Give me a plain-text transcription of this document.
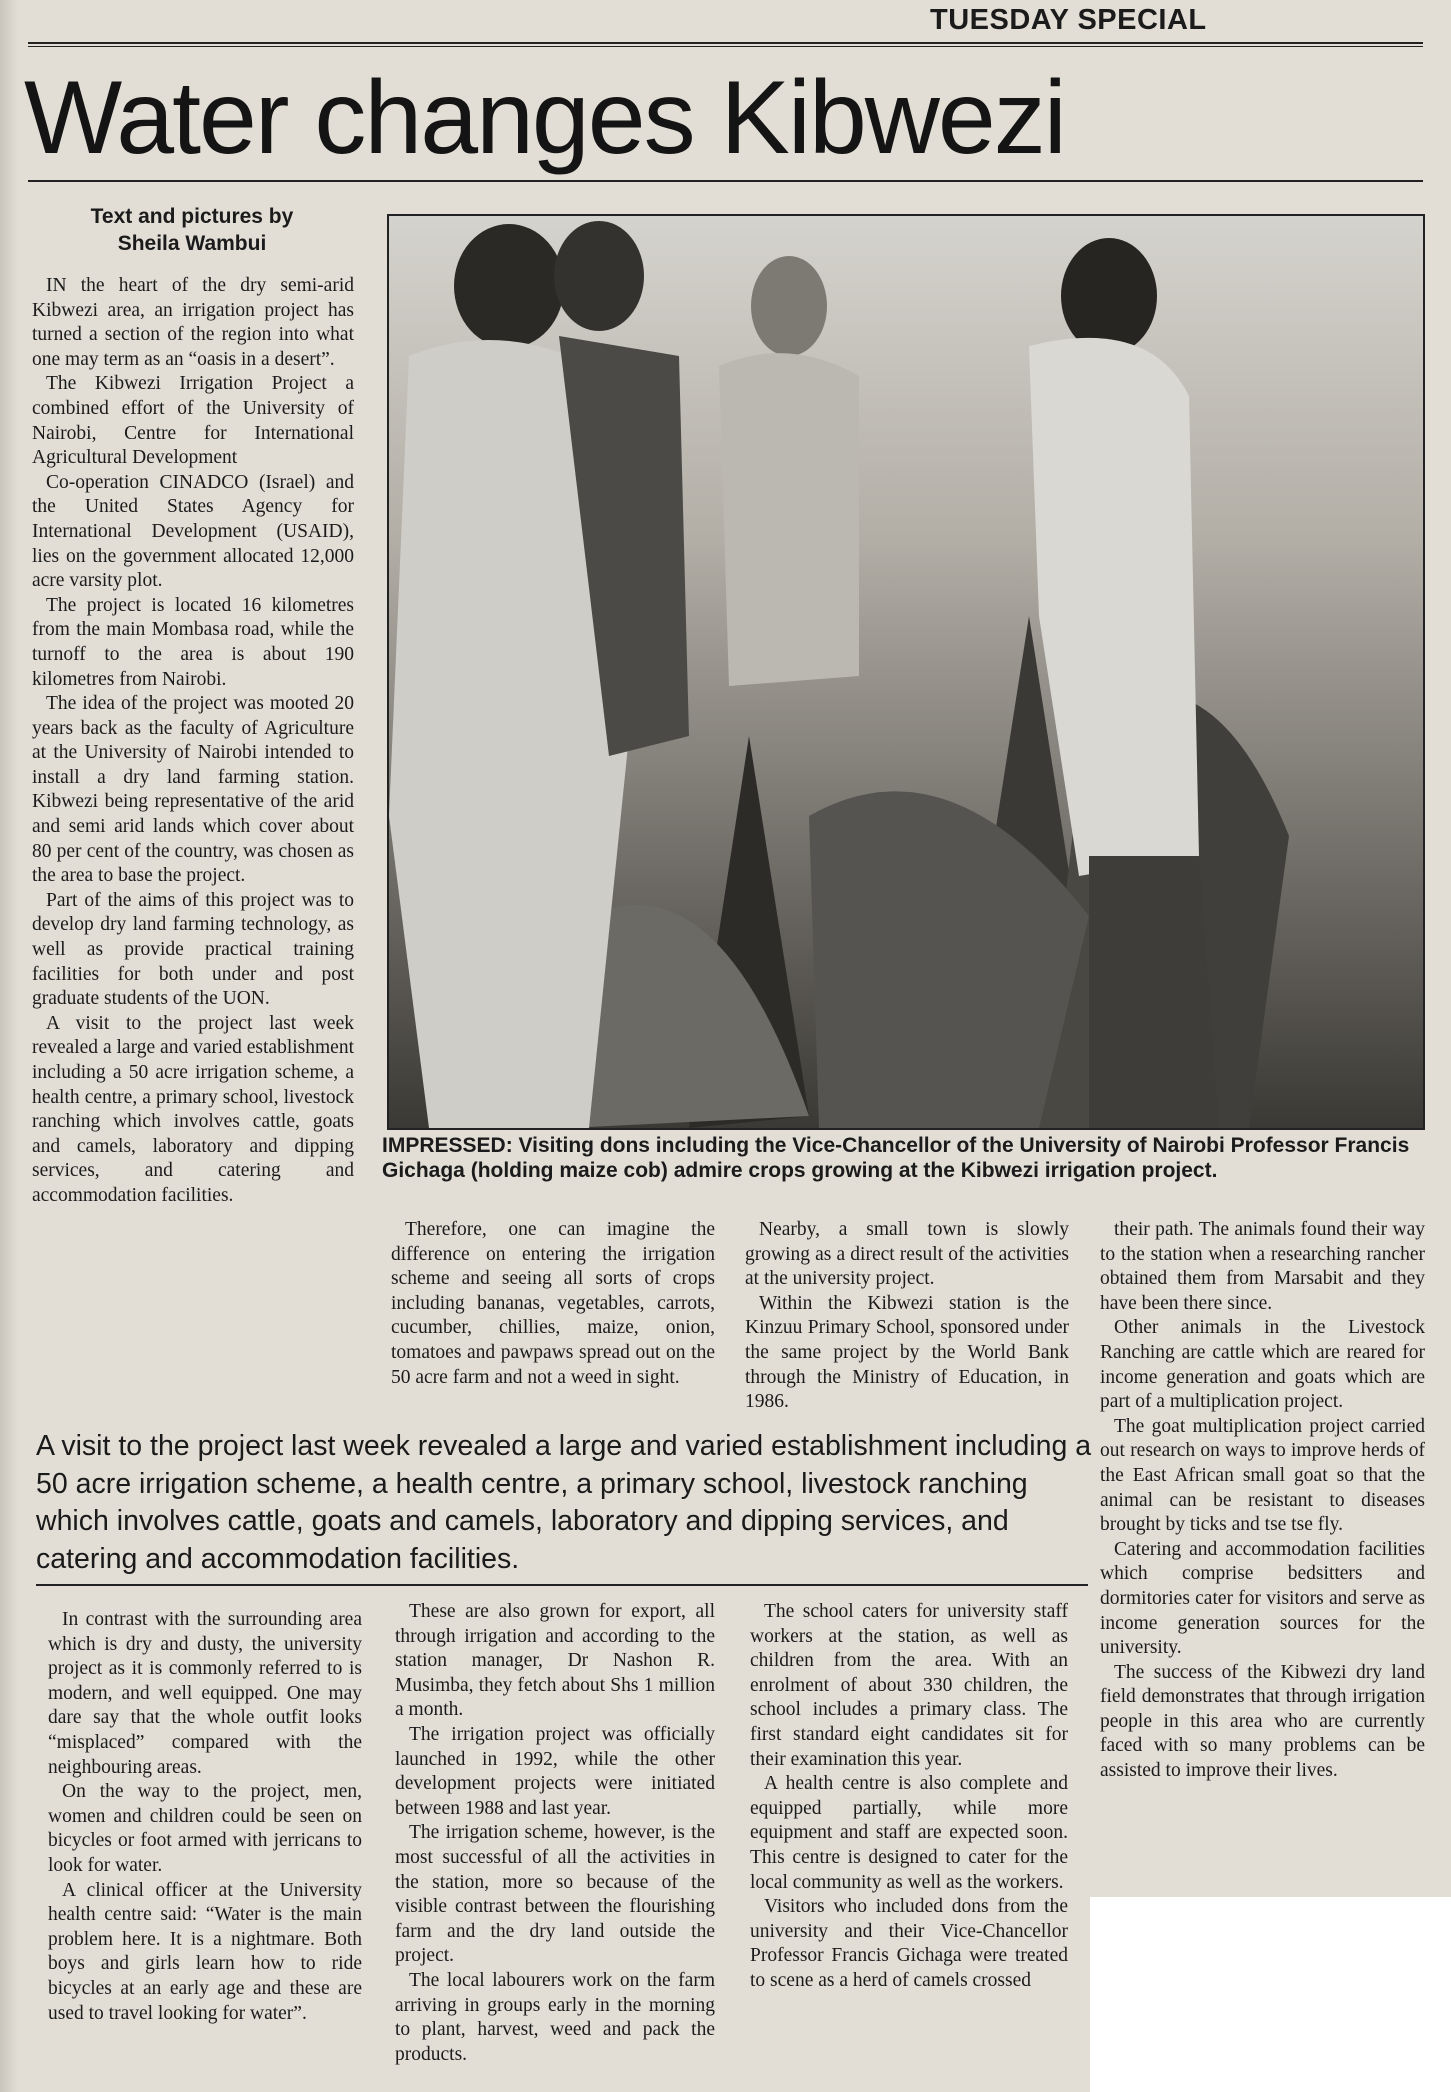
TUESDAY SPECIAL
Water changes Kibwezi
Text and pictures by
Sheila Wambui

IN the heart of the dry semi-arid Kibwezi area, an irrigation project has turned a section of the region into what one may term as an “oasis in a desert”.

The Kibwezi Irrigation Project a combined effort of the University of Nairobi, Centre for International Agricultural Development

Co-operation CINADCO (Israel) and the United States Agency for International Development (USAID), lies on the government allocated 12,000 acre varsity plot.

The project is located 16 kilometres from the main Mombasa road, while the turnoff to the area is about 190 kilometres from Nairobi.

The idea of the project was mooted 20 years back as the faculty of Agriculture at the University of Nairobi intended to install a dry land farming station. Kibwezi being representative of the arid and semi arid lands which cover about 80 per cent of the country, was chosen as the area to base the project.

Part of the aims of this project was to develop dry land farming technology, as well as provide practical training facilities for both under and post graduate students of the UON.

A visit to the project last week revealed a large and varied establishment including a 50 acre irrigation scheme, a health centre, a primary school, livestock ranching which involves cattle, goats and camels, laboratory and dipping services, and catering and accommodation facilities.

IMPRESSED: Visiting dons including the Vice-Chancellor of the University of Nairobi Professor Francis Gichaga (holding maize cob) admire crops growing at the Kibwezi irrigation project.

Therefore, one can imagine the difference on entering the irrigation scheme and seeing all sorts of crops including bananas, vegetables, carrots, cucumber, chillies, maize, onion, tomatoes and pawpaws spread out on the 50 acre farm and not a weed in sight.

Nearby, a small town is slowly growing as a direct result of the activities at the university project.

Within the Kibwezi station is the Kinzuu Primary School, sponsored under the same project by the World Bank through the Ministry of Education, in 1986.

their path. The animals found their way to the station when a researching rancher obtained them from Marsabit and they have been there since.

Other animals in the Livestock Ranching are cattle which are reared for income generation and goats which are part of a multiplication project.

The goat multiplication project carried out research on ways to improve herds of the East African small goat so that the animal can be resistant to diseases brought by ticks and tse tse fly.

Catering and accommodation facilities which comprise bedsitters and dormitories cater for visitors and serve as income generation sources for the university.

The success of the Kibwezi dry land field demonstrates that through irrigation people in this area who are currently faced with so many problems can be assisted to improve their lives.

A visit to the project last week revealed a large and varied establishment including a 50 acre irrigation scheme, a health centre, a primary school, livestock ranching which involves cattle, goats and camels, laboratory and dipping services, and catering and accommodation facilities.

In contrast with the surrounding area which is dry and dusty, the university project as it is commonly referred to is modern, and well equipped. One may dare say that the whole outfit looks “misplaced” compared with the neighbouring areas.

On the way to the project, men, women and children could be seen on bicycles or foot armed with jerricans to look for water.

A clinical officer at the University health centre said: “Water is the main problem here. It is a nightmare. Both boys and girls learn how to ride bicycles at an early age and these are used to travel looking for water”.

These are also grown for export, all through irrigation and according to the station manager, Dr Nashon R. Musimba, they fetch about Shs 1 million a month.

The irrigation project was officially launched in 1992, while the other development projects were initiated between 1988 and last year.

The irrigation scheme, however, is the most successful of all the activities in the station, more so because of the visible contrast between the flourishing farm and the dry land outside the project.

The local labourers work on the farm arriving in groups early in the morning to plant, harvest, weed and pack the products.

The school caters for university staff workers at the station, as well as children from the area. With an enrolment of about 330 children, the school includes a primary class. The first standard eight candidates sit for their examination this year.

A health centre is also complete and equipped partially, while more equipment and staff are expected soon. This centre is designed to cater for the local community as well as the workers.

Visitors who included dons from the university and their Vice-Chancellor Professor Francis Gichaga were treated to scene as a herd of camels crossed
